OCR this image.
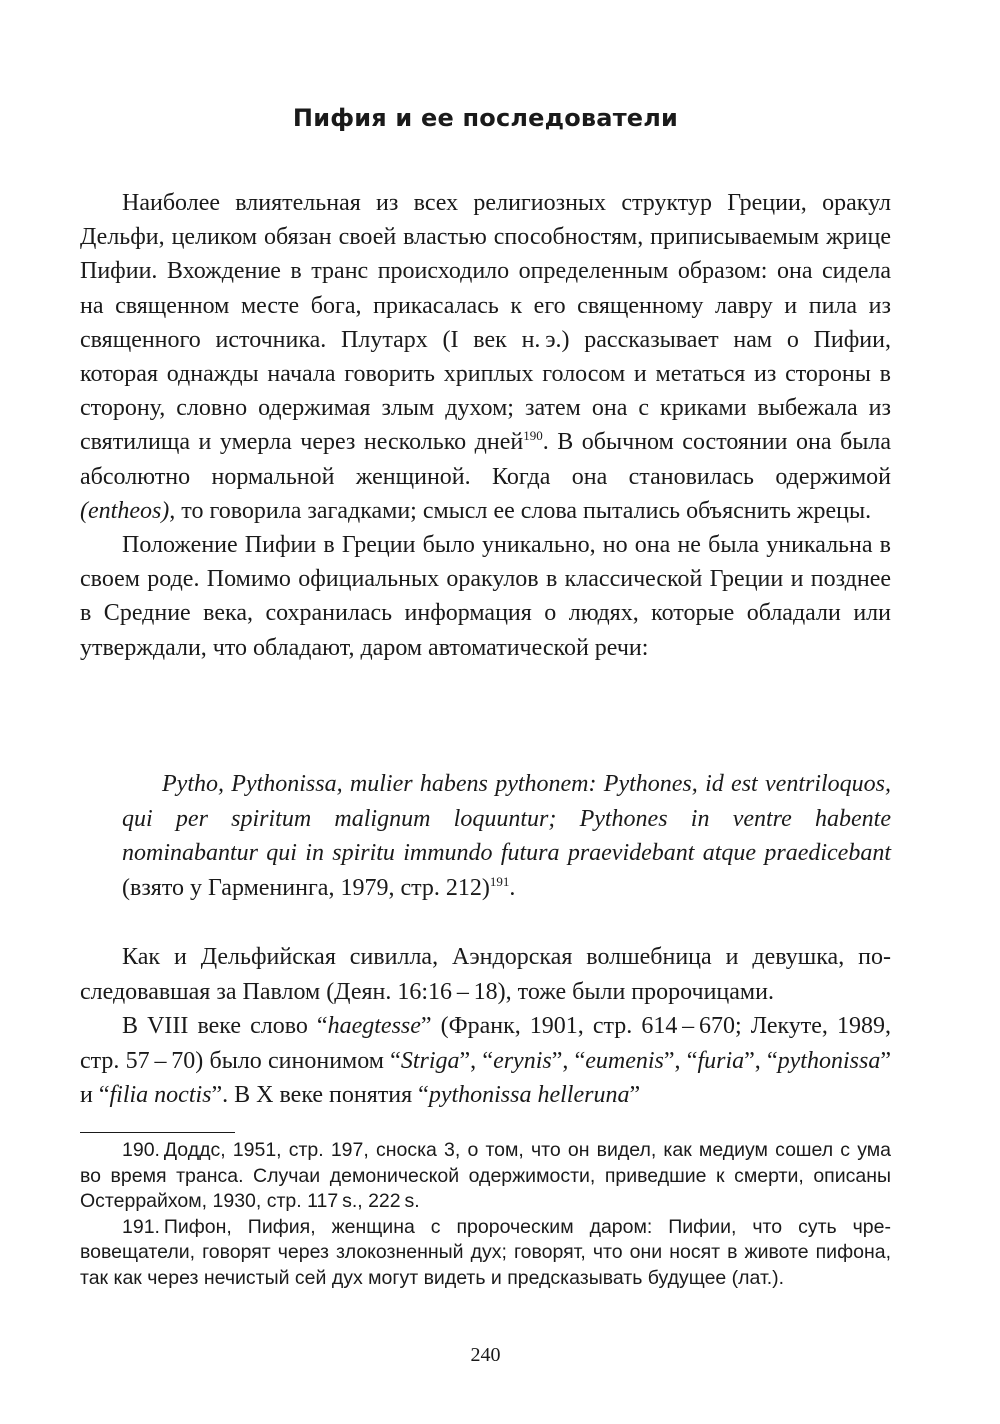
Пифия и ее последователи

Наиболее влиятельная из всех религиозных структур Греции, оракул Дельфи, целиком обязан своей властью способностям, приписываемым жрице Пифии. Вхождение в транс происходило определенным образом: она сидела на священном месте бога, прикасалась к его священному лавру и пила из священного источника. Плутарх (I век н. э.) рассказывает нам о Пифии, которая однажды начала говорить хриплых голосом и метаться из стороны в сторону, словно одержимая злым духом; затем она с криками выбежала из святилища и умерла через несколько дней$^{190}$. В обычном состоянии она была абсолютно нормальной женщиной. Когда она становилась одержимой (entheos), то говорила загадками; смысл ее слова пытались объяснить жрецы.

Положение Пифии в Греции было уникально, но она не была уникальна в своем роде. Помимо официальных оракулов в классической Греции и позднее в Средние века, сохранилась информация о людях, которые обладали или утверждали, что обладают, даром автоматической речи:

Pytho, Pythonissa, mulier habens pythonem: Pythones, id est ventriloquos, qui per spiritum malignum loquuntur; Pythones in ventre habente nominabantur qui in spiritu immundo futura praevidebant atque praedicebant (взято у Гарменинга, 1979, стр. 212)$^{191}$.

Как и Дельфийская сивилла, Аэндорская волшебница и девушка, последовавшая за Павлом (Деян. 16:16 – 18), тоже были пророчицами.

В VIII веке слово “haegtesse” (Франк, 1901, стр. 614 – 670; Лекуте, 1989, стр. 57 – 70) было синонимом “Striga”, “erynis”, “eumenis”, “furia”, “pythonissa” и “filia noctis”. В X веке понятия “pythonissa hellerunа”

190. Доддс, 1951, стр. 197, сноска 3, о том, что он видел, как медиум сошел с ума во время транса. Случаи демонической одержимости, приведшие к смерти, описаны Остеррайхом, 1930, стр. 117 s., 222 s.

191. Пифон, Пифия, женщина с пророческим даром: Пифии, что суть чревовещатели, говорят через злокозненный дух; говорят, что они носят в животе пифона, так как через нечистый сей дух могут видеть и предсказывать будущее (лат.).

240
